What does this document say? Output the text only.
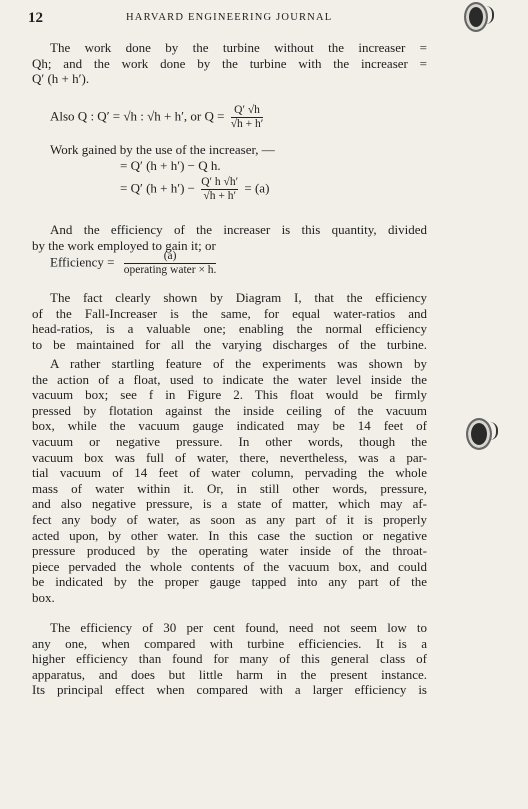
12	HARVARD ENGINEERING JOURNAL
The work done by the turbine without the increaser =
Qh; and the work done by the turbine with the increaser =
Q′ (h + h′).
Also Q : Q′ = √h : √h + h′, or $Q = \frac{Q' √h}{√h + h'}$
Work gained by the use of the increaser, —
= Q′ (h + h′) − Q h.
= Q′ $(h + h') - \frac{Q' h √h'}{√h + h'} = (a)$
And the efficiency of the increaser is this quantity, divided
by the work employed to gain it; or
Efficiency = $\frac{(a)}{\text{operating water × h.}}$
The fact clearly shown by Diagram I, that the efficiency
of the Fall-Increaser is the same, for equal water-ratios and
head-ratios, is a valuable one; enabling the normal efficiency
to be maintained for all the varying discharges of the turbine.
A rather startling feature of the experiments was shown by
the action of a float, used to indicate the water level inside the
vacuum box; see f in Figure 2. This float would be firmly
pressed by flotation against the inside ceiling of the vacuum
box, while the vacuum gauge indicated may be 14 feet of
vacuum or negative pressure. In other words, though the
vacuum box was full of water, there, nevertheless, was a par-
tial vacuum of 14 feet of water column, pervading the whole
mass of water within it. Or, in still other words, pressure,
and also negative pressure, is a state of matter, which may af-
fect any body of water, as soon as any part of it is properly
acted upon, by other water. In this case the suction or negative
pressure produced by the operating water inside of the throat-
piece pervaded the whole contents of the vacuum box, and could
be indicated by the proper gauge tapped into any part of the
box.
The efficiency of 30 per cent found, need not seem low to
any one, when compared with turbine efficiencies. It is a
higher efficiency than found for many of this general class of
apparatus, and does but little harm in the present instance.
Its principal effect when compared with a larger efficiency is
